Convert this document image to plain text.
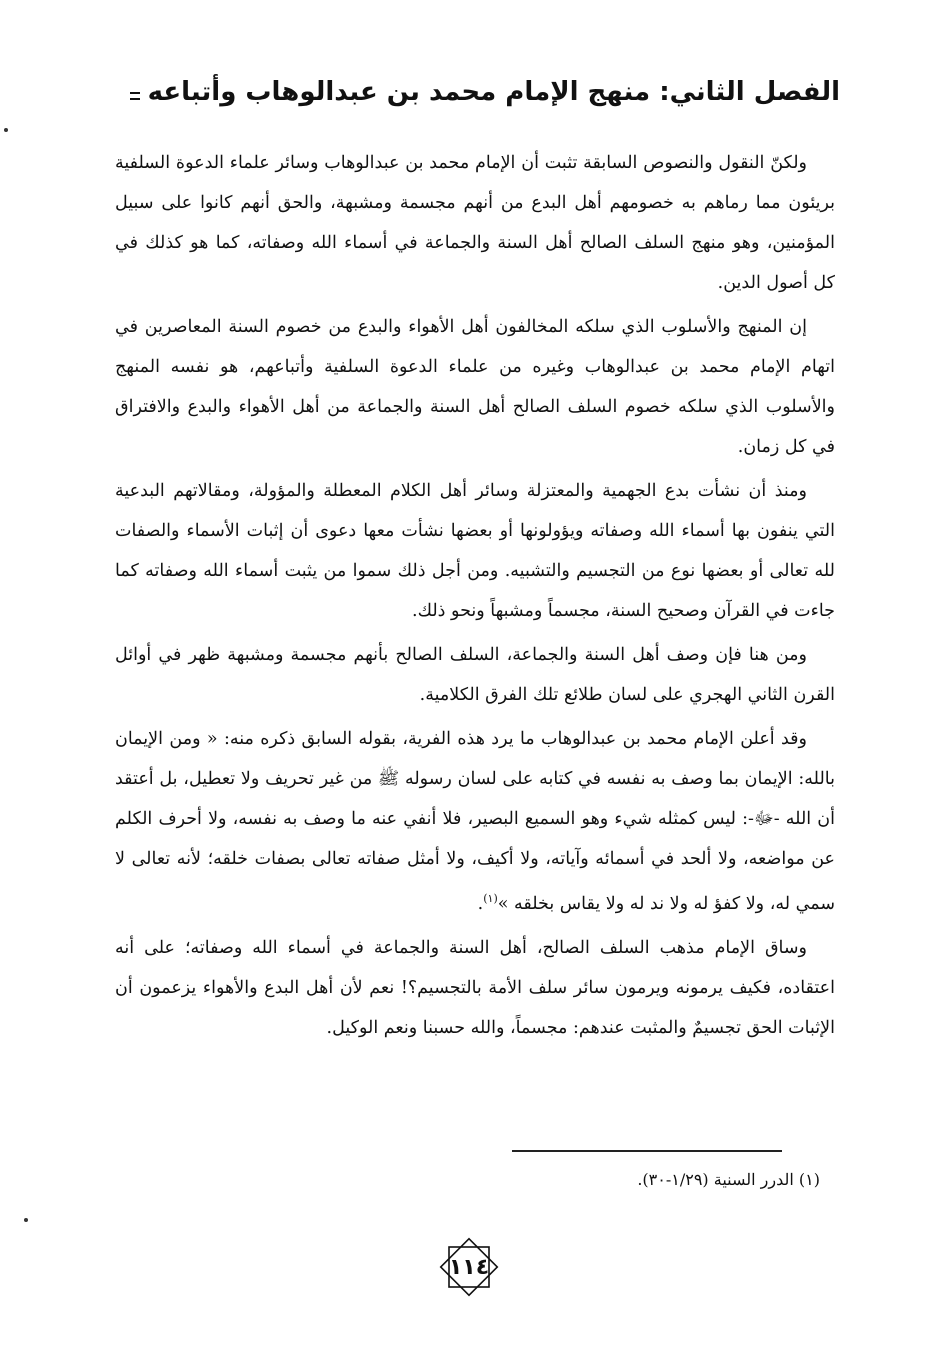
الفصل الثاني: منهج الإمام محمد بن عبدالوهاب وأتباعه

ولكنّ النقول والنصوص السابقة تثبت أن الإمام محمد بن عبدالوهاب وسائر علماء الدعوة السلفية بريئون مما رماهم به خصومهم أهل البدع من أنهم مجسمة ومشبهة، والحق أنهم كانوا على سبيل المؤمنين، وهو منهج السلف الصالح أهل السنة والجماعة في أسماء الله وصفاته، كما هو كذلك في كل أصول الدين.

إن المنهج والأسلوب الذي سلكه المخالفون أهل الأهواء والبدع من خصوم السنة المعاصرين في اتهام الإمام محمد بن عبدالوهاب وغيره من علماء الدعوة السلفية وأتباعهم، هو نفسه المنهج والأسلوب الذي سلكه خصوم السلف الصالح أهل السنة والجماعة من أهل الأهواء والبدع والافتراق في كل زمان.

ومنذ أن نشأت بدع الجهمية والمعتزلة وسائر أهل الكلام المعطلة والمؤولة، ومقالاتهم البدعية التي ينفون بها أسماء الله وصفاته ويؤولونها أو بعضها نشأت معها دعوى أن إثبات الأسماء والصفات لله تعالى أو بعضها نوع من التجسيم والتشبيه. ومن أجل ذلك سموا من يثبت أسماء الله وصفاته كما جاءت في القرآن وصحيح السنة، مجسماً ومشبهاً ونحو ذلك.

ومن هنا فإن وصف أهل السنة والجماعة، السلف الصالح بأنهم مجسمة ومشبهة ظهر في أوائل القرن الثاني الهجري على لسان طلائع تلك الفرق الكلامية.

وقد أعلن الإمام محمد بن عبدالوهاب ما يرد هذه الفرية، بقوله السابق ذكره منه: « ومن الإيمان بالله: الإيمان بما وصف به نفسه في كتابه على لسان رسوله ﷺ من غير تحريف ولا تعطيل، بل أعتقد أن الله -ﷻ-: ليس كمثله شيء وهو السميع البصير، فلا أنفي عنه ما وصف به نفسه، ولا أحرف الكلم عن مواضعه، ولا ألحد في أسمائه وآياته، ولا أكيف، ولا أمثل صفاته تعالى بصفات خلقه؛ لأنه تعالى لا سمي له، ولا كفؤ له ولا ند له ولا يقاس بخلقه »$^{(١)}$.

وساق الإمام مذهب السلف الصالح، أهل السنة والجماعة في أسماء الله وصفاته؛ على أنه اعتقاده، فكيف يرمونه ويرمون سائر سلف الأمة بالتجسيم؟! نعم لأن أهل البدع والأهواء يزعمون أن الإثبات الحق تجسيمٌ والمثبت عندهم: مجسماً، والله حسبنا ونعم الوكيل.

(١) الدرر السنية (١/٢٩-٣٠).
١١٤
